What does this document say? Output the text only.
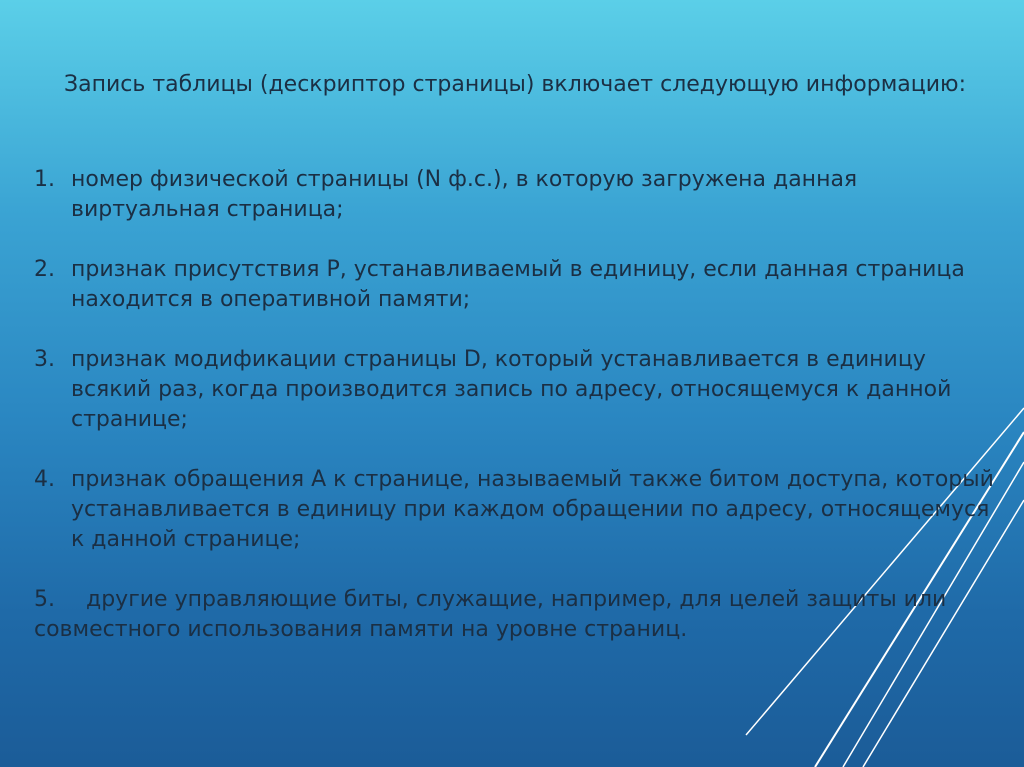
Запись таблицы (дескриптор страницы) включает следующую информацию:
1. номер физической страницы (N ф.с.), в которую загружена данная виртуальная страница;
2. признак присутствия Р, устанавливаемый в единицу, если данная страница находится в оперативной памяти;
3. признак модификации страницы D, который устанавливается в единицу всякий раз, когда производится запись по адресу, относящемуся к данной странице;
4. признак обращения А к странице, называемый также битом доступа, который устанавливается в единицу при каждом обращении по адресу, относящемуся к данной странице;
5. другие управляющие биты, служащие, например, для целей защиты или совместного использования памяти на уровне страниц.
